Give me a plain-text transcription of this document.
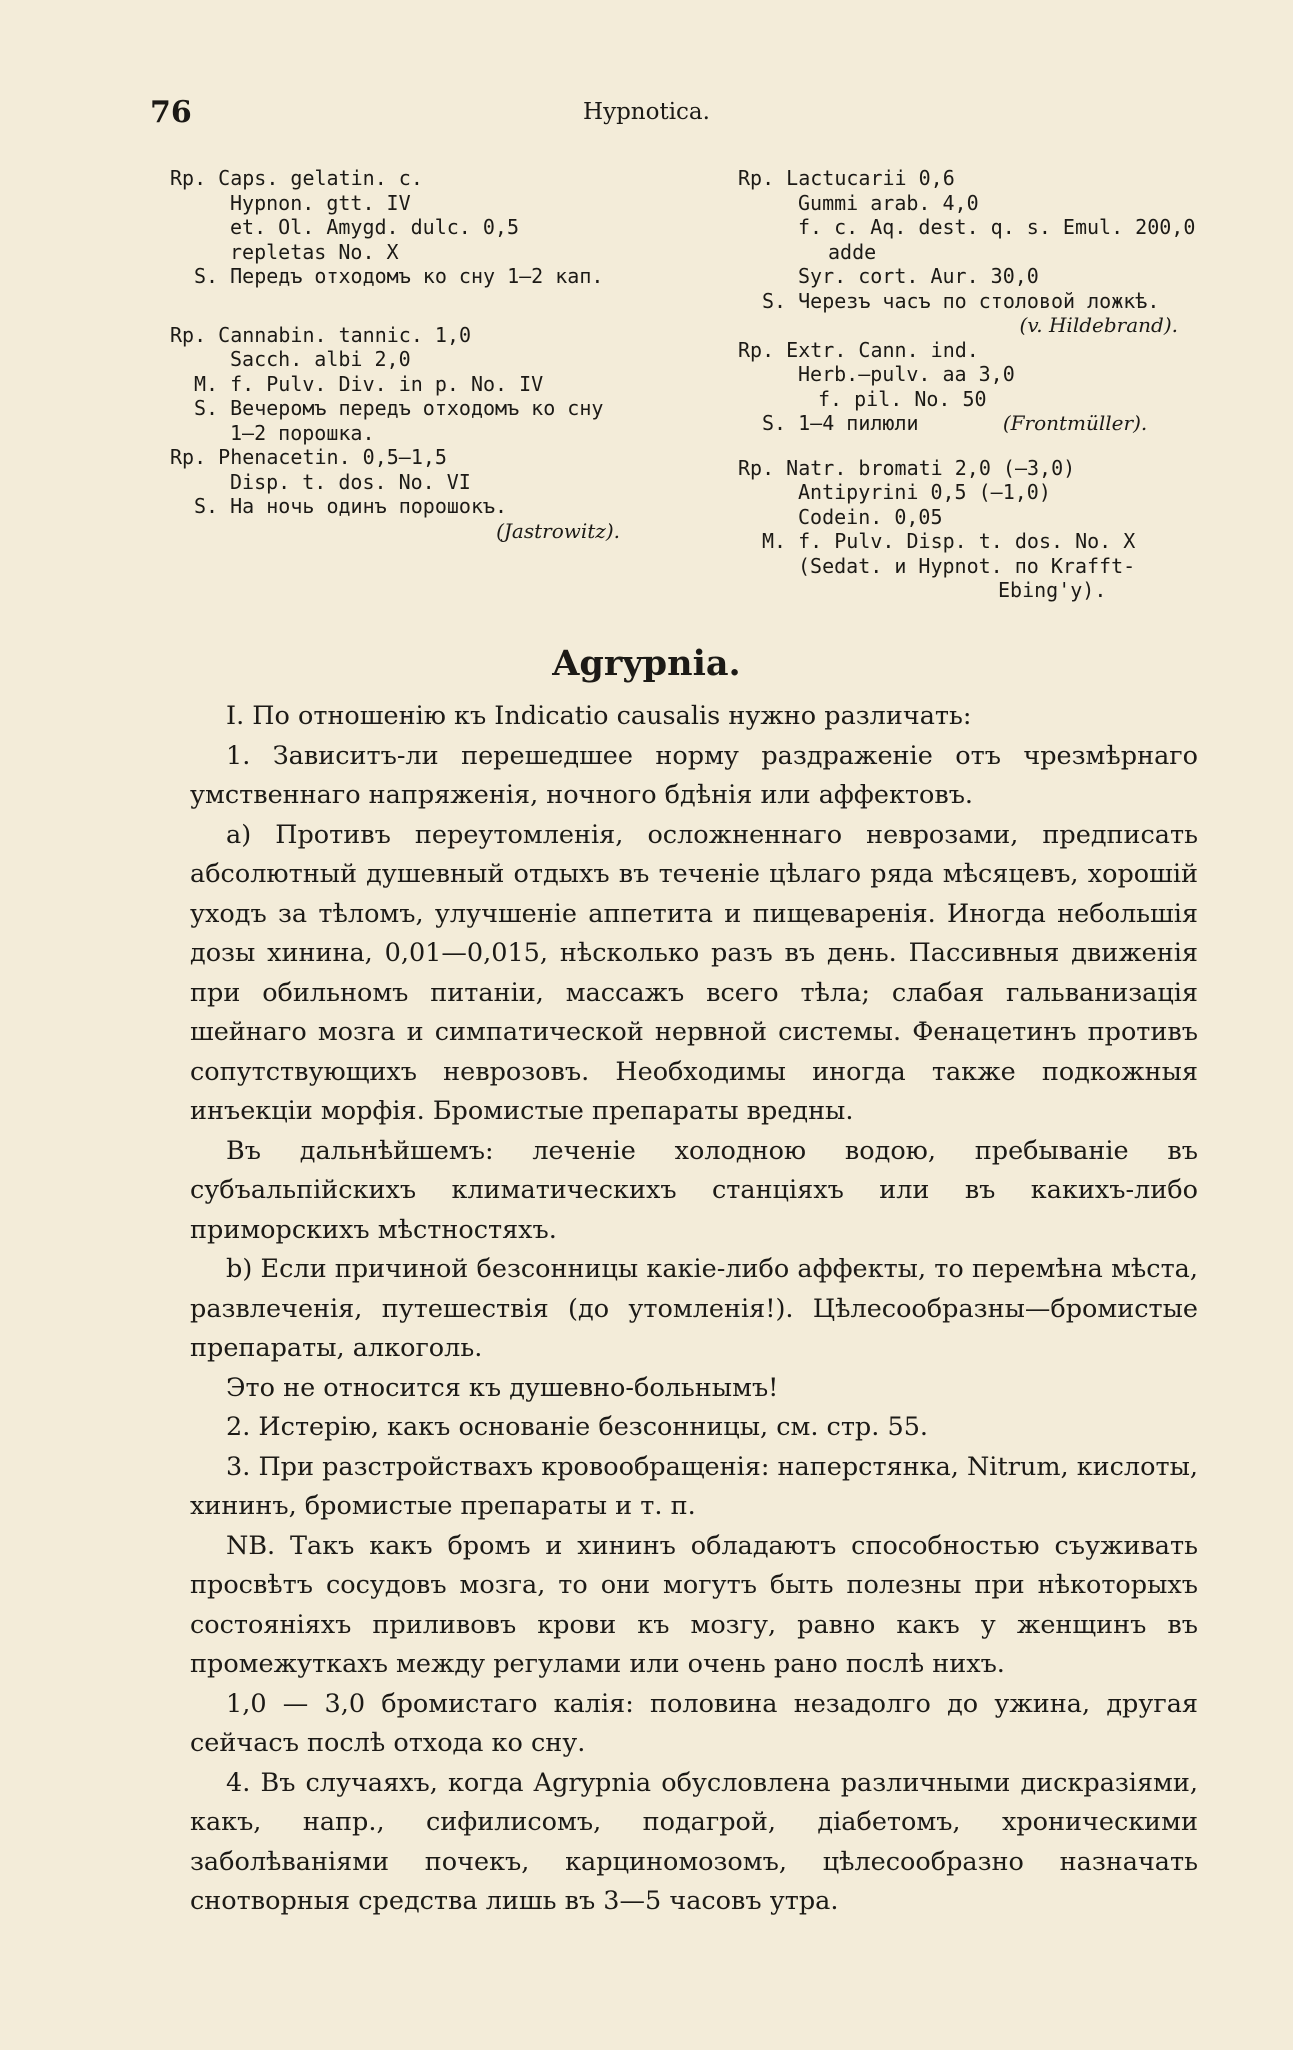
76	Hypnotica.
Rp. Caps. gelatin. c.
Hypnon. gtt. IV
et. Ol. Amygd. dulc. 0,5
repletas No. X
S. Передъ отходомъ ко сну 1—2 кап.
Rp. Cannabin. tannic. 1,0
Sacch. albi 2,0
M. f. Pulv. Div. in p. No. IV
S. Вечеромъ передъ отходомъ ко сну
1—2 порошка.
Rp. Phenacetin. 0,5—1,5
Disp. t. dos. No. VI
S. На ночь одинъ порошокъ.
(Jastrowitz).
Rp. Lactucarii 0,6
Gummi arab. 4,0
f. c. Aq. dest. q. s. Emul. 200,0
adde
Syr. cort. Aur. 30,0
S. Черезъ часъ по столовой ложкѣ.
(v. Hildebrand).
Rp. Extr. Cann. ind.
Herb.—pulv. aa 3,0
f. pil. No. 50
S. 1—4 пилюли	(Frontmüller).
Rp. Natr. bromati 2,0 (—3,0)
Antipyrini 0,5 (—1,0)
Codein. 0,05
M. f. Pulv. Disp. t. dos. No. X
(Sedat. и Hypnot. по Krafft-
Ebing'у).
Agrypnia.

I. По отношенію къ Indicatio causalis нужно различать:

1. Зависитъ-ли перешедшее норму раздраженіе отъ чрезмѣрнаго умственнаго напряженія, ночного бдѣнія или аффектовъ.

a) Противъ переутомленія, осложненнаго неврозами, предписать абсолютный душевный отдыхъ въ теченіе цѣлаго ряда мѣсяцевъ, хорошій уходъ за тѣломъ, улучшеніе аппетита и пищеваренія. Иногда небольшія дозы хинина, 0,01—0,015, нѣсколько разъ въ день. Пассивныя движенія при обильномъ питаніи, массажъ всего тѣла; слабая гальванизація шейнаго мозга и симпатической нервной системы. Фенацетинъ противъ сопутствующихъ неврозовъ. Необходимы иногда также подкожныя инъекціи морфія. Бромистые препараты вредны.

Въ дальнѣйшемъ: леченіе холодною водою, пребываніе въ субъальпійскихъ климатическихъ станціяхъ или въ какихъ-либо приморскихъ мѣстностяхъ.

b) Если причиной безсонницы какіе-либо аффекты, то перемѣна мѣста, развлеченія, путешествія (до утомленія!). Цѣлесообразны—бромистые препараты, алкоголь.

Это не относится къ душевно-больнымъ!

2. Истерію, какъ основаніе безсонницы, см. стр. 55.

3. При разстройствахъ кровообращенія: наперстянка, Nitrum, кислоты, хининъ, бромистые препараты и т. п.

NB. Такъ какъ бромъ и хининъ обладаютъ способностью съуживать просвѣтъ сосудовъ мозга, то они могутъ быть полезны при нѣкоторыхъ состояніяхъ приливовъ крови къ мозгу, равно какъ у женщинъ въ промежуткахъ между регулами или очень рано послѣ нихъ.

1,0 — 3,0 бромистаго калія: половина незадолго до ужина, другая сейчасъ послѣ отхода ко сну.

4. Въ случаяхъ, когда Agrypnia обусловлена различными дискразіями, какъ, напр., сифилисомъ, подагрой, діабетомъ, хроническими заболѣваніями почекъ, карциномозомъ, цѣлесообразно назначать снотворныя средства лишь въ 3—5 часовъ утра.
